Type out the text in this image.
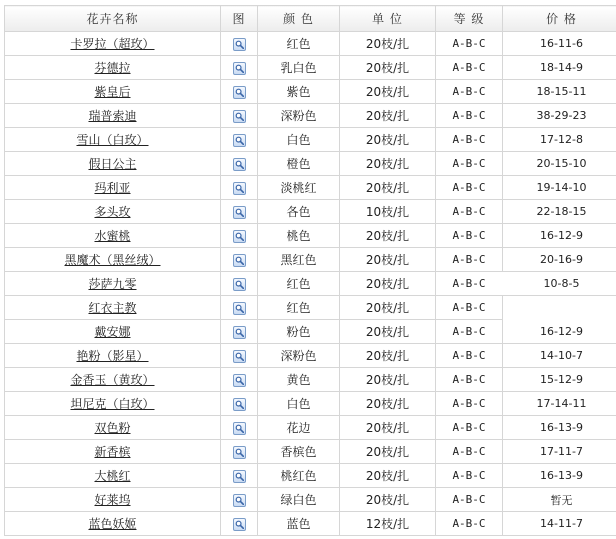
花卉名称	图	颜 色	单 位	等 级	价 格
卡罗拉（超玫）		红色	20枝/扎	A-B-C	16-11-6
芬德拉		乳白色	20枝/扎	A-B-C	18-14-9
紫皇后		紫色	20枝/扎	A-B-C	18-15-11
瑞普索迪		深粉色	20枝/扎	A-B-C	38-29-23
雪山（白玫）		白色	20枝/扎	A-B-C	17-12-8
假日公主		橙色	20枝/扎	A-B-C	20-15-10
玛利亚		淡桃红	20枝/扎	A-B-C	19-14-10
多头玫		各色	10枝/扎	A-B-C	22-18-15
水蜜桃		桃色	20枝/扎	A-B-C	16-12-9
黑魔术（黑丝绒）		黑红色	20枝/扎	A-B-C	20-16-9
莎萨九零		红色	20枝/扎	A-B-C	10-8-5
红衣主教		红色	20枝/扎	A-B-C	
戴安娜		粉色	20枝/扎	A-B-C	16-12-9
艳粉（影星）		深粉色	20枝/扎	A-B-C	14-10-7
金香玉（黄玫）		黄色	20枝/扎	A-B-C	15-12-9
坦尼克（白玫）		白色	20枝/扎	A-B-C	17-14-11
双色粉		花边	20枝/扎	A-B-C	16-13-9
新香槟		香槟色	20枝/扎	A-B-C	17-11-7
大桃红		桃红色	20枝/扎	A-B-C	16-13-9
好莱坞		绿白色	20枝/扎	A-B-C	暂无
蓝色妖姬		蓝色	12枝/扎	A-B-C	14-11-7
